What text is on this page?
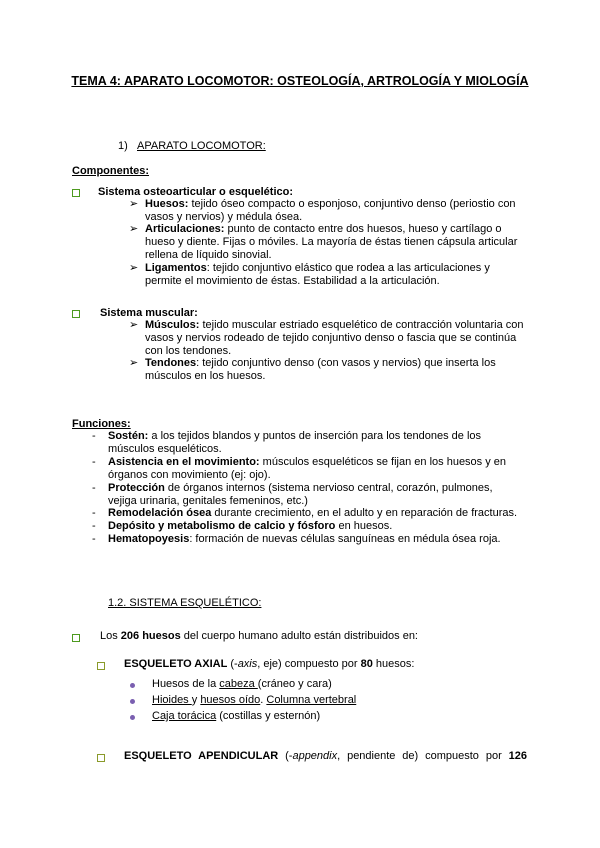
TEMA 4: APARATO LOCOMOTOR: OSTEOLOGÍA, ARTROLOGÍA Y MIOLOGÍA
1) APARATO LOCOMOTOR:
Componentes:
Sistema osteoarticular o esquelético:
➢ Huesos: tejido óseo compacto o esponjoso, conjuntivo denso (periostio con
vasos y nervios) y médula ósea.
➢ Articulaciones: punto de contacto entre dos huesos, hueso y cartílago o
hueso y diente. Fijas o móviles. La mayoría de éstas tienen cápsula articular
rellena de líquido sinovial.
➢ Ligamentos: tejido conjuntivo elástico que rodea a las articulaciones y
permite el movimiento de éstas. Estabilidad a la articulación.
Sistema muscular:
➢ Músculos: tejido muscular estriado esquelético de contracción voluntaria con
vasos y nervios rodeado de tejido conjuntivo denso o fascia que se continúa
con los tendones.
➢ Tendones: tejido conjuntivo denso (con vasos y nervios) que inserta los
músculos en los huesos.
Funciones:
- Sostén: a los tejidos blandos y puntos de inserción para los tendones de los
músculos esqueléticos.
- Asistencia en el movimiento: músculos esqueléticos se fijan en los huesos y en
órganos con movimiento (ej: ojo).
- Protección de órganos internos (sistema nervioso central, corazón, pulmones,
vejiga urinaria, genitales femeninos, etc.)
- Remodelación ósea durante crecimiento, en el adulto y en reparación de fracturas.
- Depósito y metabolismo de calcio y fósforo en huesos.
- Hematopoyesis: formación de nuevas células sanguíneas en médula ósea roja.
1.2. SISTEMA ESQUELÉTICO:
Los 206 huesos del cuerpo humano adulto están distribuidos en:
ESQUELETO AXIAL (-axis, eje) compuesto por 80 huesos:
Huesos de la cabeza (cráneo y cara)
Hioides y huesos oído. Columna vertebral
Caja torácica (costillas y esternón)
ESQUELETO APENDICULAR (-appendix, pendiente de) compuesto por 126
